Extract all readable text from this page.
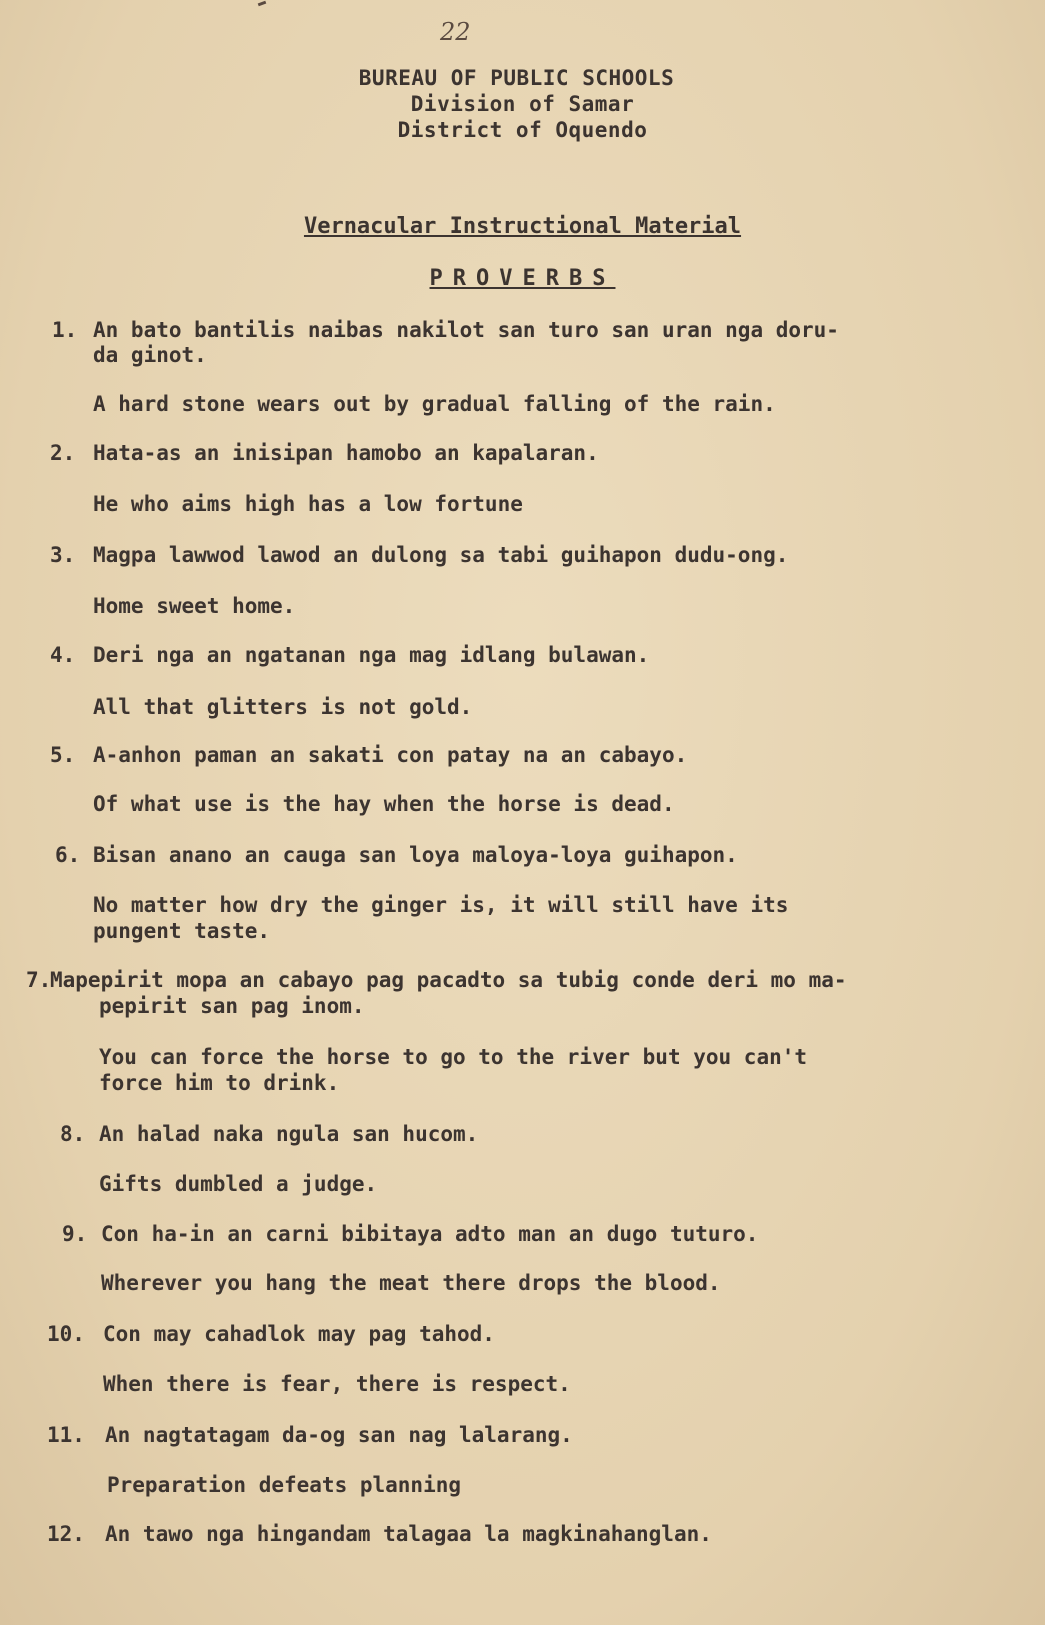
22
BUREAU OF PUBLIC SCHOOLS
Division of Samar
District of Oquendo
Vernacular Instructional Material
PROVERBS
1. An bato bantilis naibas nakilot san turo san uran nga doru-
da ginot.
A hard stone wears out by gradual falling of the rain.
2. Hata-as an inisipan hamobo an kapalaran.
He who aims high has a low fortune
3. Magpa lawwod lawod an dulong sa tabi guihapon dudu-ong.
Home sweet home.
4. Deri nga an ngatanan nga mag idlang bulawan.
All that glitters is not gold.
5. A-anhon paman an sakati con patay na an cabayo.
Of what use is the hay when the horse is dead.
6. Bisan anano an cauga san loya maloya-loya guihapon.
No matter how dry the ginger is, it will still have its
pungent taste.
7.
Mapepirit mopa an cabayo pag pacadto sa tubig conde deri mo ma-
pepirit san pag inom.
You can force the horse to go to the river but you can't
force him to drink.
8. An halad naka ngula san hucom.
Gifts dumbled a judge.
9. Con ha-in an carni bibitaya adto man an dugo tuturo.
Wherever you hang the meat there drops the blood.
10. Con may cahadlok may pag tahod.
When there is fear, there is respect.
11. An nagtatagam da-og san nag lalarang.
Preparation defeats planning
12. An tawo nga hingandam talagaa la magkinahanglan.
